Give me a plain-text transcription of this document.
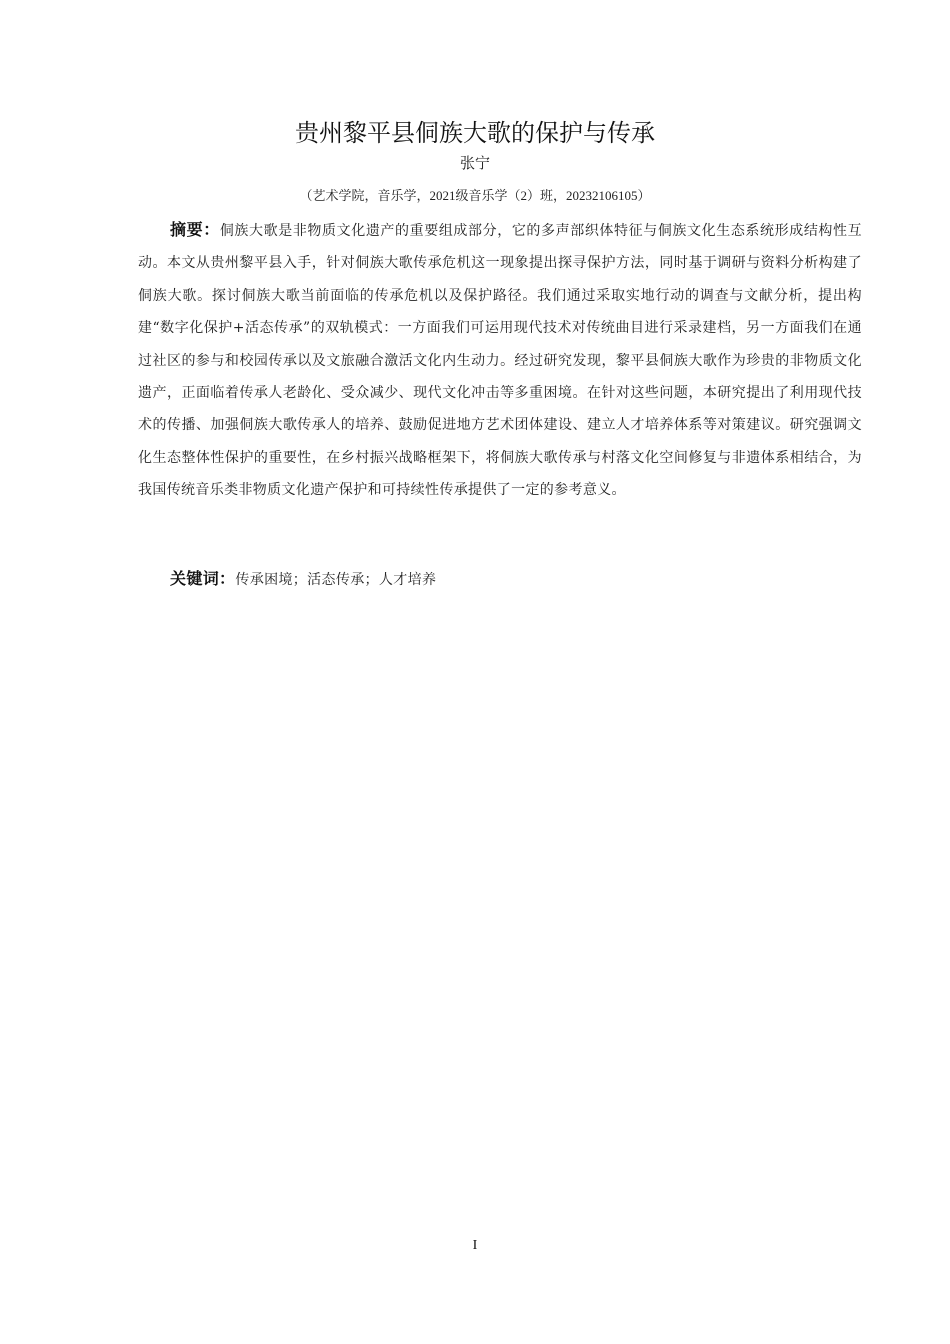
贵州黎平县侗族大歌的保护与传承
张宁
（艺术学院，音乐学，2021级音乐学（2）班，20232106105）

摘要：侗族大歌是非物质文化遗产的重要组成部分，它的多声部织体特征与侗族文化生态系统形成结构性互动。本文从贵州黎平县入手，针对侗族大歌传承危机这一现象提出探寻保护方法，同时基于调研与资料分析构建了侗族大歌。探讨侗族大歌当前面临的传承危机以及保护路径。我们通过采取实地行动的调查与文献分析，提出构建“数字化保护+活态传承”的双轨模式：一方面我们可运用现代技术对传统曲目进行采录建档，另一方面我们在通过社区的参与和校园传承以及文旅融合激活文化内生动力。经过研究发现，黎平县侗族大歌作为珍贵的非物质文化遗产，正面临着传承人老龄化、受众减少、现代文化冲击等多重困境。在针对这些问题，本研究提出了利用现代技术的传播、加强侗族大歌传承人的培养、鼓励促进地方艺术团体建设、建立人才培养体系等对策建议。研究强调文化生态整体性保护的重要性，在乡村振兴战略框架下，将侗族大歌传承与村落文化空间修复与非遗体系相结合，为我国传统音乐类非物质文化遗产保护和可持续性传承提供了一定的参考意义。

关键词：传承困境；活态传承；人才培养

I
